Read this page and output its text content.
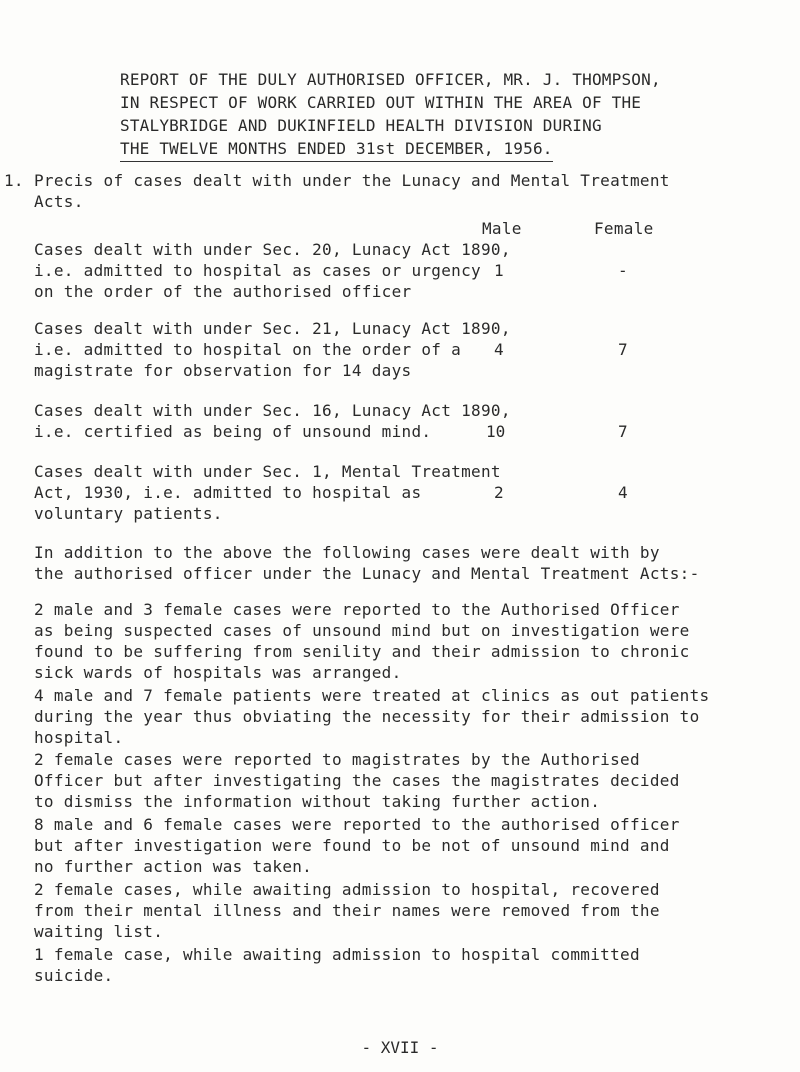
REPORT OF THE DULY AUTHORISED OFFICER, MR. J. THOMPSON,
IN RESPECT OF WORK CARRIED OUT WITHIN THE AREA OF THE
STALYBRIDGE AND DUKINFIELD HEALTH DIVISION DURING
THE TWELVE MONTHS ENDED 31st DECEMBER, 1956.
1. Precis of cases dealt with under the Lunacy and Mental Treatment
Acts.
Male	Female
Cases dealt with under Sec. 20, Lunacy Act 1890,
i.e. admitted to hospital as cases or urgency
on the order of the authorised officer
1	-
Cases dealt with under Sec. 21, Lunacy Act 1890,
i.e. admitted to hospital on the order of a
magistrate for observation for 14 days
4	7
Cases dealt with under Sec. 16, Lunacy Act 1890,
i.e. certified as being of unsound mind.	10	7
Cases dealt with under Sec. 1, Mental Treatment
Act, 1930, i.e. admitted to hospital as
voluntary patients.
2	4
In addition to the above the following cases were dealt with by
the authorised officer under the Lunacy and Mental Treatment Acts:-
2 male and 3 female cases were reported to the Authorised Officer
as being suspected cases of unsound mind but on investigation were
found to be suffering from senility and their admission to chronic
sick wards of hospitals was arranged.
4 male and 7 female patients were treated at clinics as out patients
during the year thus obviating the necessity for their admission to
hospital.
2 female cases were reported to magistrates by the Authorised
Officer but after investigating the cases the magistrates decided
to dismiss the information without taking further action.
8 male and 6 female cases were reported to the authorised officer
but after investigation were found to be not of unsound mind and
no further action was taken.
2 female cases, while awaiting admission to hospital, recovered
from their mental illness and their names were removed from the
waiting list.
1 female case, while awaiting admission to hospital committed
suicide.
- XVII -
